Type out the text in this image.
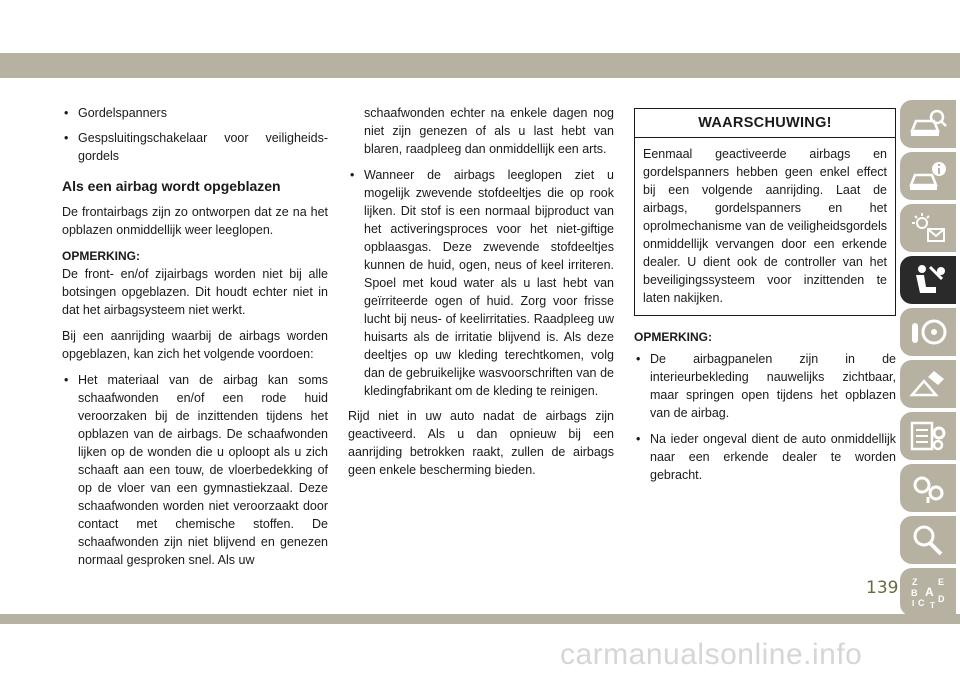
• Gordelspanners
• Gespsluitingschakelaar voor veiligheids-gordels
Als een airbag wordt opgeblazen

De frontairbags zijn zo ontworpen dat ze na het opblazen onmiddellijk weer leeglopen.

OPMERKING:

De front- en/of zijairbags worden niet bij alle botsingen opgeblazen. Dit houdt echter niet in dat het airbagsysteem niet werkt.

Bij een aanrijding waarbij de airbags worden opgeblazen, kan zich het volgende voordoen:

• Het materiaal van de airbag kan soms schaafwonden en/of een rode huid veroorzaken bij de inzittenden tijdens het opblazen van de airbags. De schaafwonden lijken op de wonden die u oploopt als u zich schaaft aan een touw, de vloerbedekking of op de vloer van een gymnastiekzaal. Deze schaafwonden worden niet veroorzaakt door contact met chemische stoffen. De schaafwonden zijn niet blijvend en genezen normaal gesproken snel. Als uw

schaafwonden echter na enkele dagen nog niet zijn genezen of als u last hebt van blaren, raadpleeg dan onmiddellijk een arts.

• Wanneer de airbags leeglopen ziet u mogelijk zwevende stofdeeltjes die op rook lijken. Dit stof is een normaal bijproduct van het activeringsproces voor het niet-giftige opblaasgas. Deze zwevende stofdeeltjes kunnen de huid, ogen, neus of keel irriteren. Spoel met koud water als u last hebt van geïrriteerde ogen of huid. Zorg voor frisse lucht bij neus- of keelirritaties. Raadpleeg uw huisarts als de irritatie blijvend is. Als deze deeltjes op uw kleding terechtkomen, volg dan de gebruikelijke wasvoorschriften van de kledingfabrikant om de kleding te reinigen.

Rijd niet in uw auto nadat de airbags zijn geactiveerd. Als u dan opnieuw bij een aanrijding betrokken raakt, zullen de airbags geen enkele bescherming bieden.

WAARSCHUWING!
Eenmaal geactiveerde airbags en gordelspanners hebben geen enkel effect bij een volgende aanrijding. Laat de airbags, gordelspanners en het oprolmechanisme van de veiligheidsgordels onmiddellijk vervangen door een erkende dealer. U dient ook de controller van het beveiligingssysteem voor inzittenden te laten nakijken.
OPMERKING:
• De airbagpanelen zijn in de interieurbekleding nauwelijks zichtbaar, maar springen open tijdens het opblazen van de airbag.
• Na ieder ongeval dient de auto onmiddellijk naar een erkende dealer te worden gebracht.
Z E
B A
C D
I T
139
carmanualsonline.info
